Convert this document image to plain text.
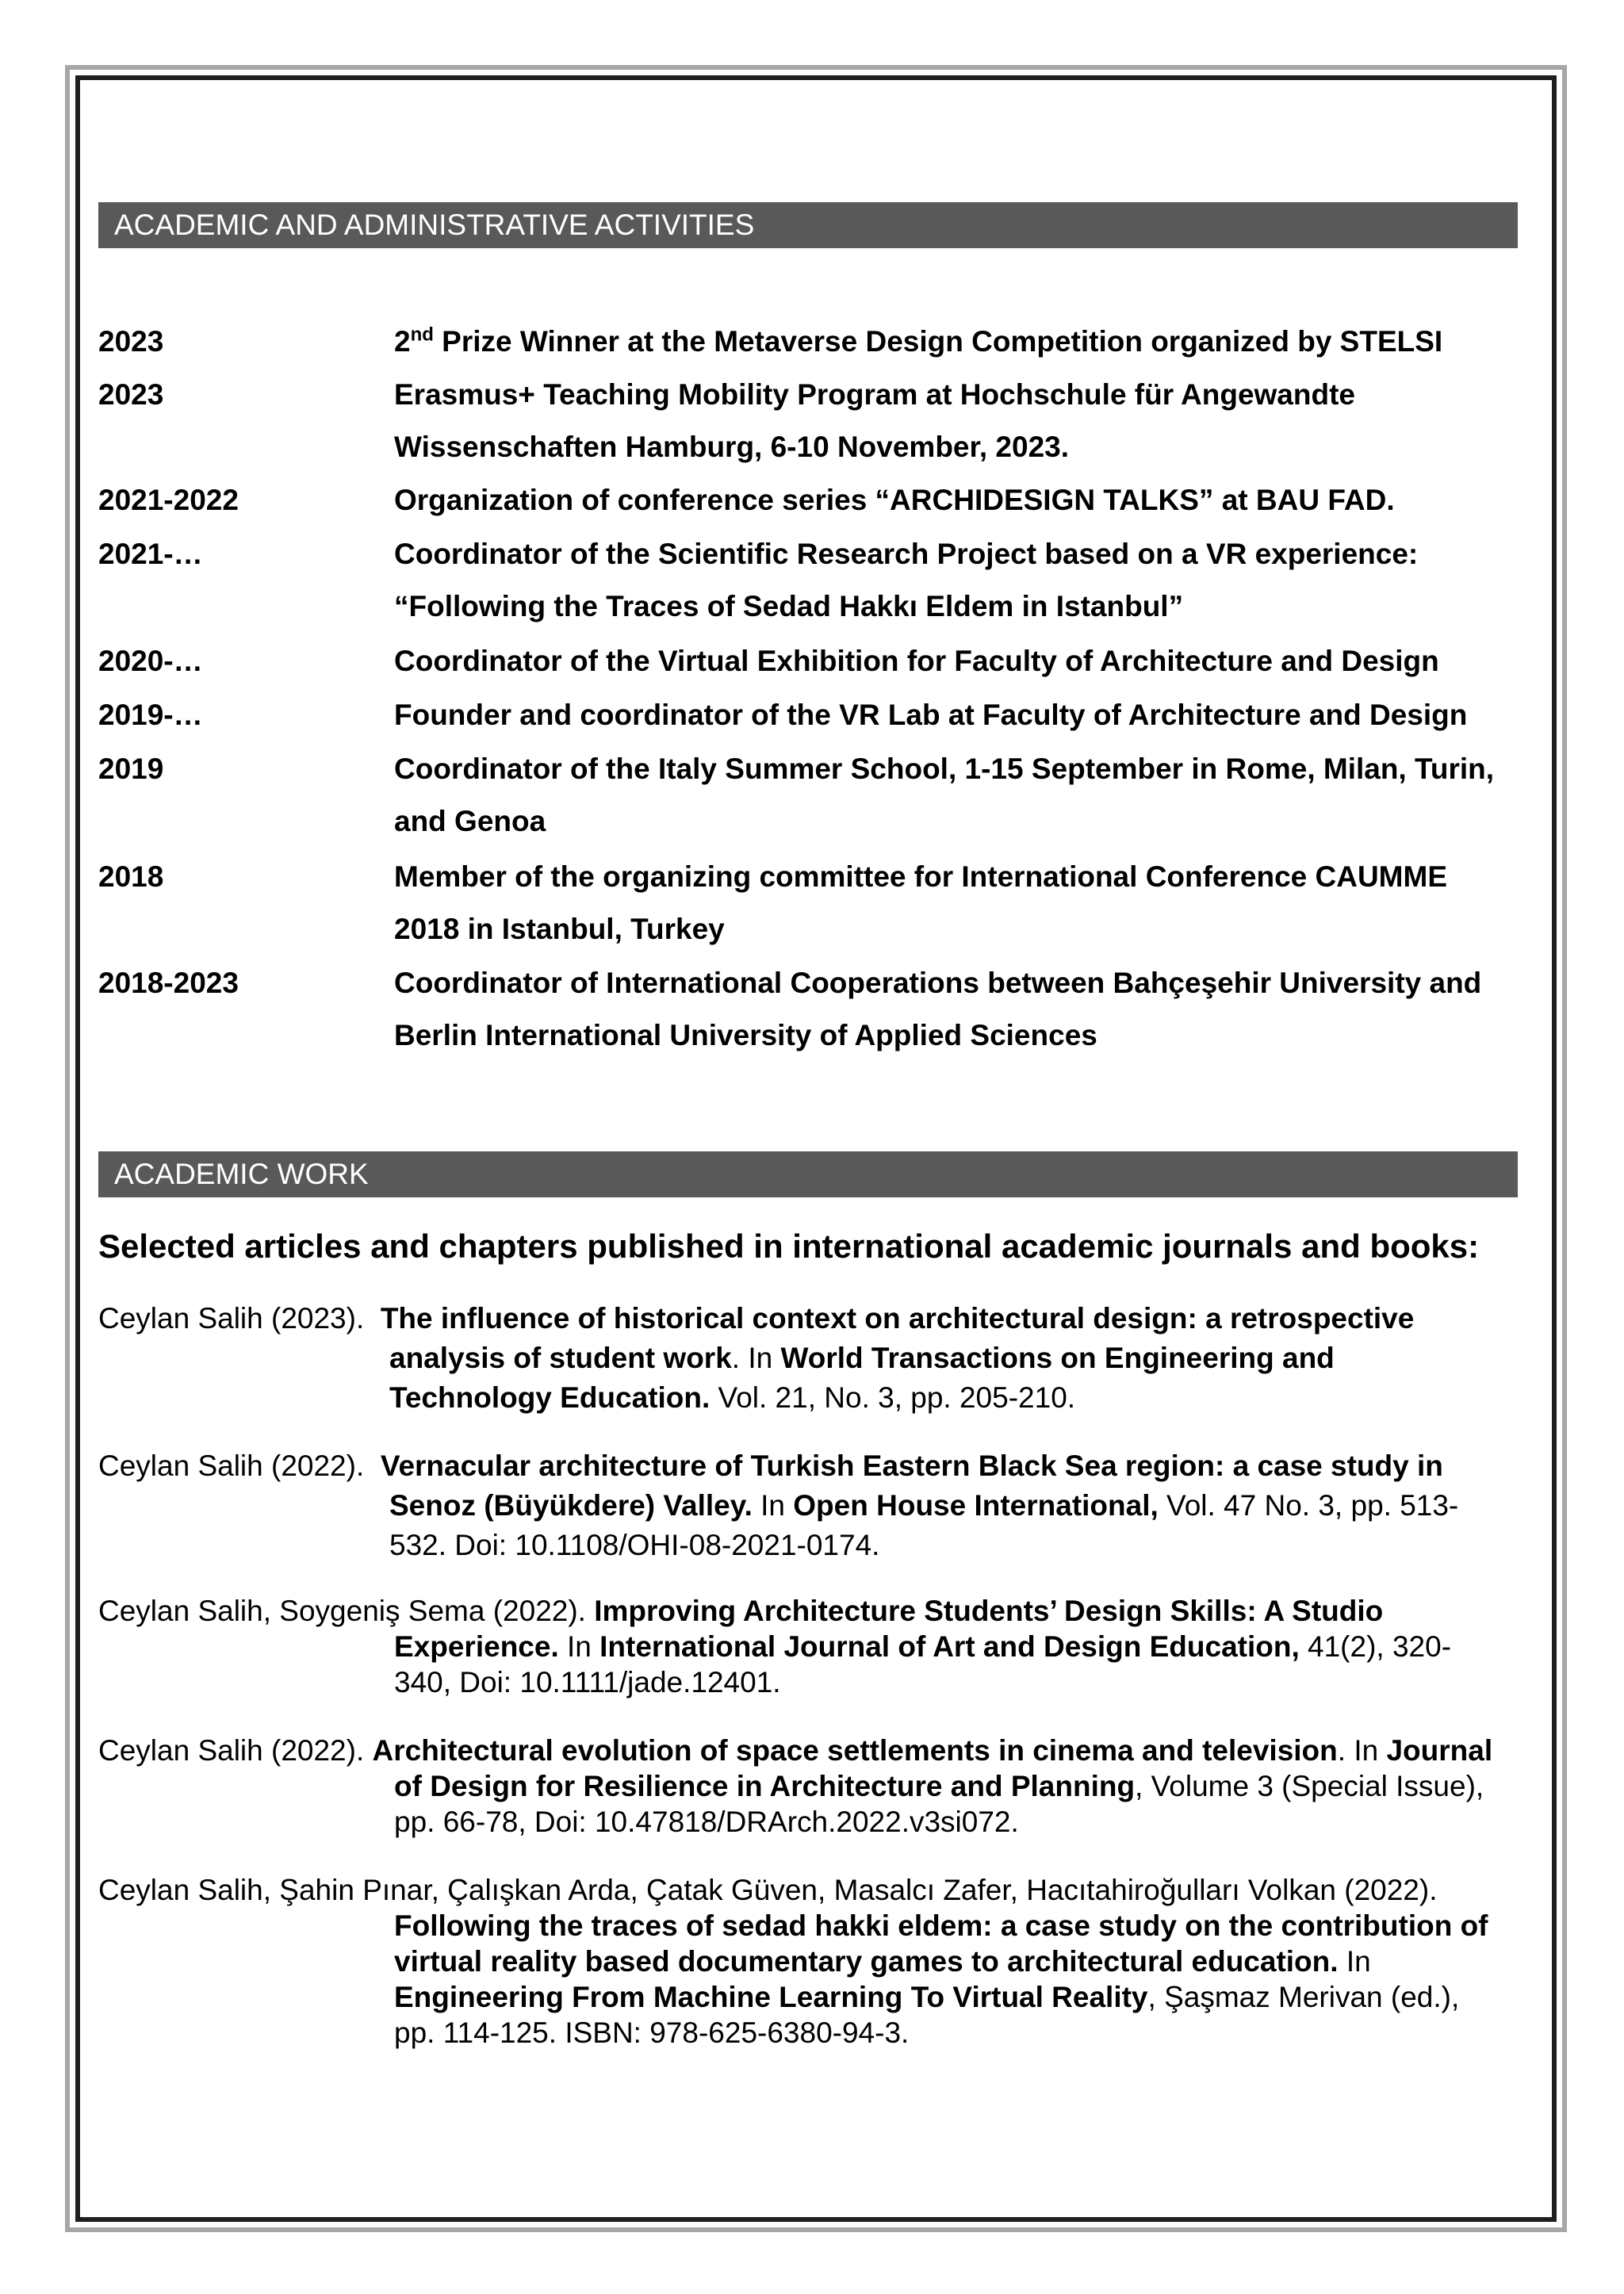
ACADEMIC AND ADMINISTRATIVE ACTIVITIES
2023	2nd Prize Winner at the Metaverse Design Competition organized by STELSI
2023	Erasmus+ Teaching Mobility Program at Hochschule für Angewandte
Wissenschaften Hamburg, 6-10 November, 2023.
2021-2022	Organization of conference series “ARCHIDESIGN TALKS” at BAU FAD.
2021-…	Coordinator of the Scientific Research Project based on a VR experience:
“Following the Traces of Sedad Hakkı Eldem in Istanbul”
2020-…	Coordinator of the Virtual Exhibition for Faculty of Architecture and Design
2019-…	Founder and coordinator of the VR Lab at Faculty of Architecture and Design
2019	Coordinator of the Italy Summer School, 1-15 September in Rome, Milan, Turin,
and Genoa
2018	Member of the organizing committee for International Conference CAUMME
2018 in Istanbul, Turkey
2018-2023	Coordinator of International Cooperations between Bahçeşehir University and
Berlin International University of Applied Sciences
ACADEMIC WORK
Selected articles and chapters published in international academic journals and books:
Ceylan Salih (2023). The influence of historical context on architectural design: a retrospective
analysis of student work. In World Transactions on Engineering and
Technology Education. Vol. 21, No. 3, pp. 205-210.
Ceylan Salih (2022). Vernacular architecture of Turkish Eastern Black Sea region: a case study in
Senoz (Büyükdere) Valley. In Open House International, Vol. 47 No. 3, pp. 513-
532. Doi: 10.1108/OHI-08-2021-0174.
Ceylan Salih, Soygeniş Sema (2022). Improving Architecture Students’ Design Skills: A Studio
Experience. In International Journal of Art and Design Education, 41(2), 320-
340, Doi: 10.1111/jade.12401.
Ceylan Salih (2022). Architectural evolution of space settlements in cinema and television. In Journal
of Design for Resilience in Architecture and Planning, Volume 3 (Special Issue),
pp. 66-78, Doi: 10.47818/DRArch.2022.v3si072.
Ceylan Salih, Şahin Pınar, Çalışkan Arda, Çatak Güven, Masalcı Zafer, Hacıtahiroğulları Volkan (2022).
Following the traces of sedad hakki eldem: a case study on the contribution of
virtual reality based documentary games to architectural education. In
Engineering From Machine Learning To Virtual Reality, Şaşmaz Merivan (ed.),
pp. 114-125. ISBN: 978-625-6380-94-3.
